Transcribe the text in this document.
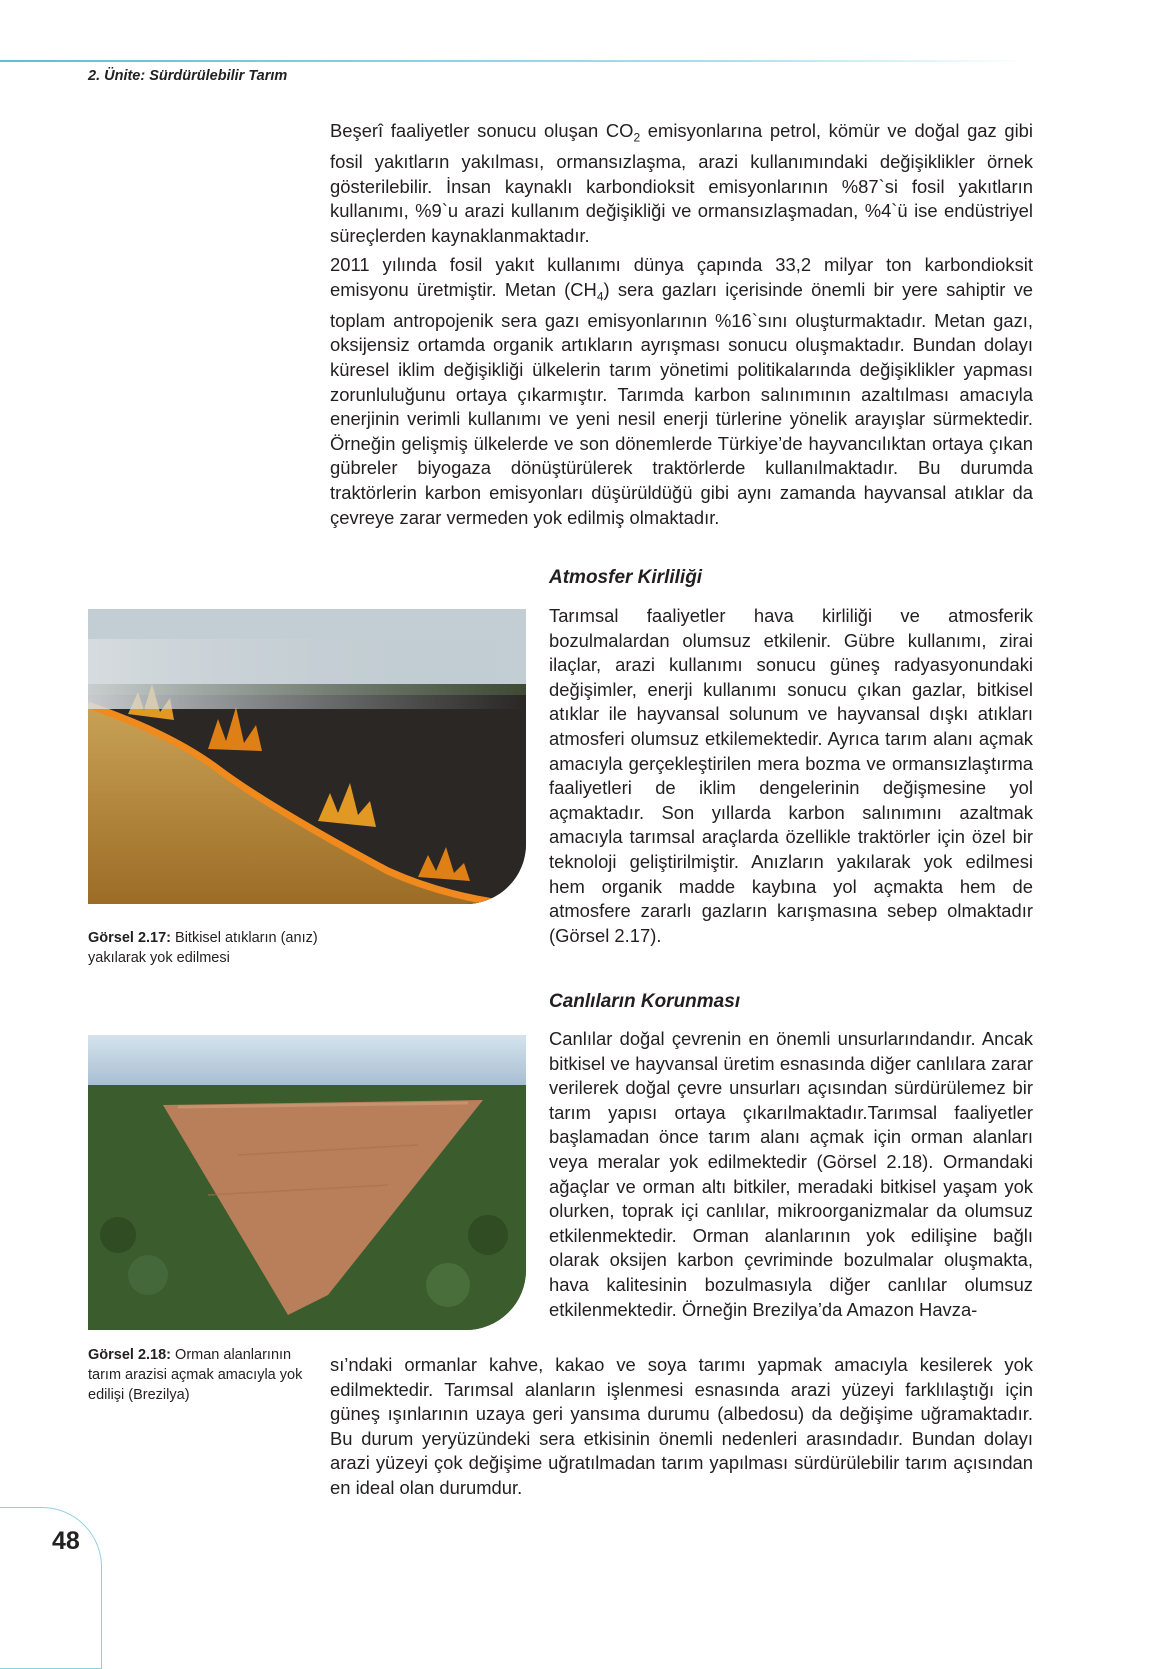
2. Ünite: Sürdürülebilir Tarım

Beşerî faaliyetler sonucu oluşan $CO_2$ emisyonlarına petrol, kömür ve doğal gaz gibi fosil yakıtların yakılması, ormansızlaşma, arazi kullanımındaki değişiklikler örnek gösterilebilir. İnsan kaynaklı karbondioksit emisyonlarının %87`si fosil yakıtların kullanımı, %9`u arazi kullanım değişikliği ve ormansızlaşmadan, %4`ü ise endüstriyel süreçlerden kaynaklanmaktadır.

2011 yılında fosil yakıt kullanımı dünya çapında 33,2 milyar ton karbondioksit emisyonu üretmiştir. Metan $(CH_4)$ sera gazları içerisinde önemli bir yere sahiptir ve toplam antropojenik sera gazı emisyonlarının %16`sını oluşturmaktadır. Metan gazı, oksijensiz ortamda organik artıkların ayrışması sonucu oluşmaktadır. Bundan dolayı küresel iklim değişikliği ülkelerin tarım yönetimi politikalarında değişiklikler yapması zorunluluğunu ortaya çıkarmıştır. Tarımda karbon salınımının azaltılması amacıyla enerjinin verimli kullanımı ve yeni nesil enerji türlerine yönelik arayışlar sürmektedir. Örneğin gelişmiş ülkelerde ve son dönemlerde Türkiye’de hayvancılıktan ortaya çıkan gübreler biyogaza dönüştürülerek traktörlerde kullanılmaktadır. Bu durumda traktörlerin karbon emisyonları düşürüldüğü gibi aynı zamanda hayvansal atıklar da çevreye zarar vermeden yok edilmiş olmaktadır.

Atmosfer Kirliliği
Tarımsal faaliyetler hava kirliliği ve atmosferik bozulmalardan olumsuz etkilenir. Gübre kullanımı, zirai ilaçlar, arazi kullanımı sonucu güneş radyasyonundaki değişimler, enerji kullanımı sonucu çıkan gazlar, bitkisel atıklar ile hayvansal solunum ve hayvansal dışkı atıkları atmosferi olumsuz etkilemektedir. Ayrıca tarım alanı açmak amacıyla gerçekleştirilen mera bozma ve ormansızlaştırma faaliyetleri de iklim dengelerinin değişmesine yol açmaktadır. Son yıllarda karbon salınımını azaltmak amacıyla tarımsal araçlarda özellikle traktörler için özel bir teknoloji geliştirilmiştir. Anızların yakılarak yok edilmesi hem organik madde kaybına yol açmakta hem de atmosfere zararlı gazların karışmasına sebep olmaktadır (Görsel 2.17).
Canlıların Korunması
Canlılar doğal çevrenin en önemli unsurlarındandır. Ancak bitkisel ve hayvansal üretim esnasında diğer canlılara zarar verilerek doğal çevre unsurları açısından sürdürülemez bir tarım yapısı ortaya çıkarılmaktadır.Tarımsal faaliyetler başlamadan önce tarım alanı açmak için orman alanları veya meralar yok edilmektedir (Görsel 2.18). Ormandaki ağaçlar ve orman altı bitkiler, meradaki bitkisel yaşam yok olurken, toprak içi canlılar, mikroorganizmalar da olumsuz etkilenmektedir. Orman alanlarının yok edilişine bağlı olarak oksijen karbon çevriminde bozulmalar oluşmakta, hava kalitesinin bozulmasıyla diğer canlılar olumsuz etkilenmektedir. Örneğin Brezilya’da Amazon Havza-
sı’ndaki ormanlar kahve, kakao ve soya tarımı yapmak amacıyla kesilerek yok edilmektedir. Tarımsal alanların işlenmesi esnasında arazi yüzeyi farklılaştığı için güneş ışınlarının uzaya geri yansıma durumu (albedosu) da değişime uğramaktadır. Bu durum yeryüzündeki sera etkisinin önemli nedenleri arasındadır. Bundan dolayı arazi yüzeyi çok değişime uğratılmadan tarım yapılması sürdürülebilir tarım açısından en ideal olan durumdur.
Görsel 2.17: Bitkisel atıkların (anız) yakılarak yok edilmesi
Görsel 2.18: Orman alanlarının tarım arazisi açmak amacıyla yok edilişi (Brezilya)
48
